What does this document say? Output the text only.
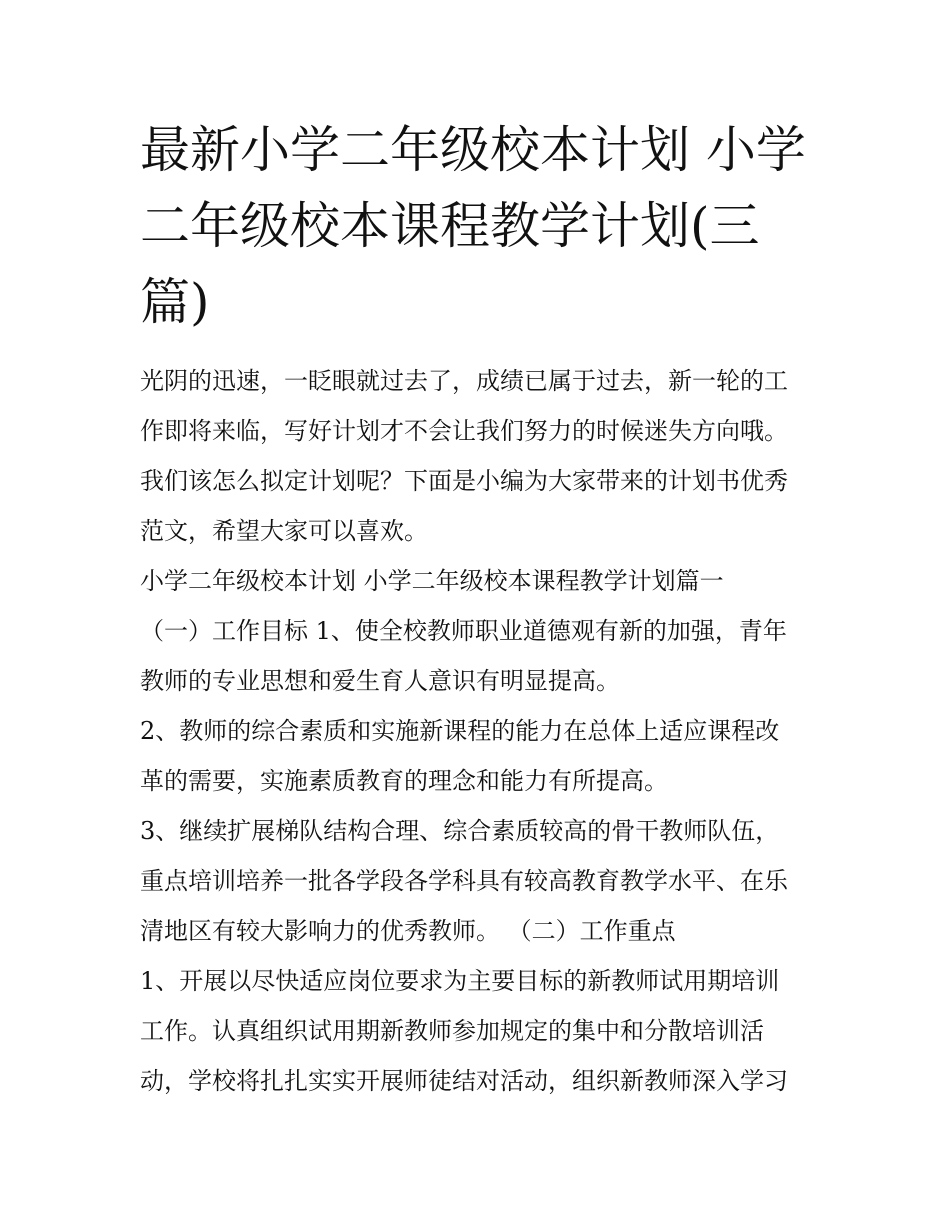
最新小学二年级校本计划 小学
二年级校本课程教学计划(三
篇)
光阴的迅速，一眨眼就过去了，成绩已属于过去，新一轮的工
作即将来临，写好计划才不会让我们努力的时候迷失方向哦。
我们该怎么拟定计划呢？下面是小编为大家带来的计划书优秀
范文，希望大家可以喜欢。
小学二年级校本计划 小学二年级校本课程教学计划篇一
（一）工作目标 1、使全校教师职业道德观有新的加强，青年
教师的专业思想和爱生育人意识有明显提高。
2、教师的综合素质和实施新课程的能力在总体上适应课程改
革的需要，实施素质教育的理念和能力有所提高。
3、继续扩展梯队结构合理、综合素质较高的骨干教师队伍，
重点培训培养一批各学段各学科具有较高教育教学水平、在乐
清地区有较大影响力的优秀教师。 （二）工作重点
1、开展以尽快适应岗位要求为主要目标的新教师试用期培训
工作。认真组织试用期新教师参加规定的集中和分散培训活
动，学校将扎扎实实开展师徒结对活动，组织新教师深入学习
